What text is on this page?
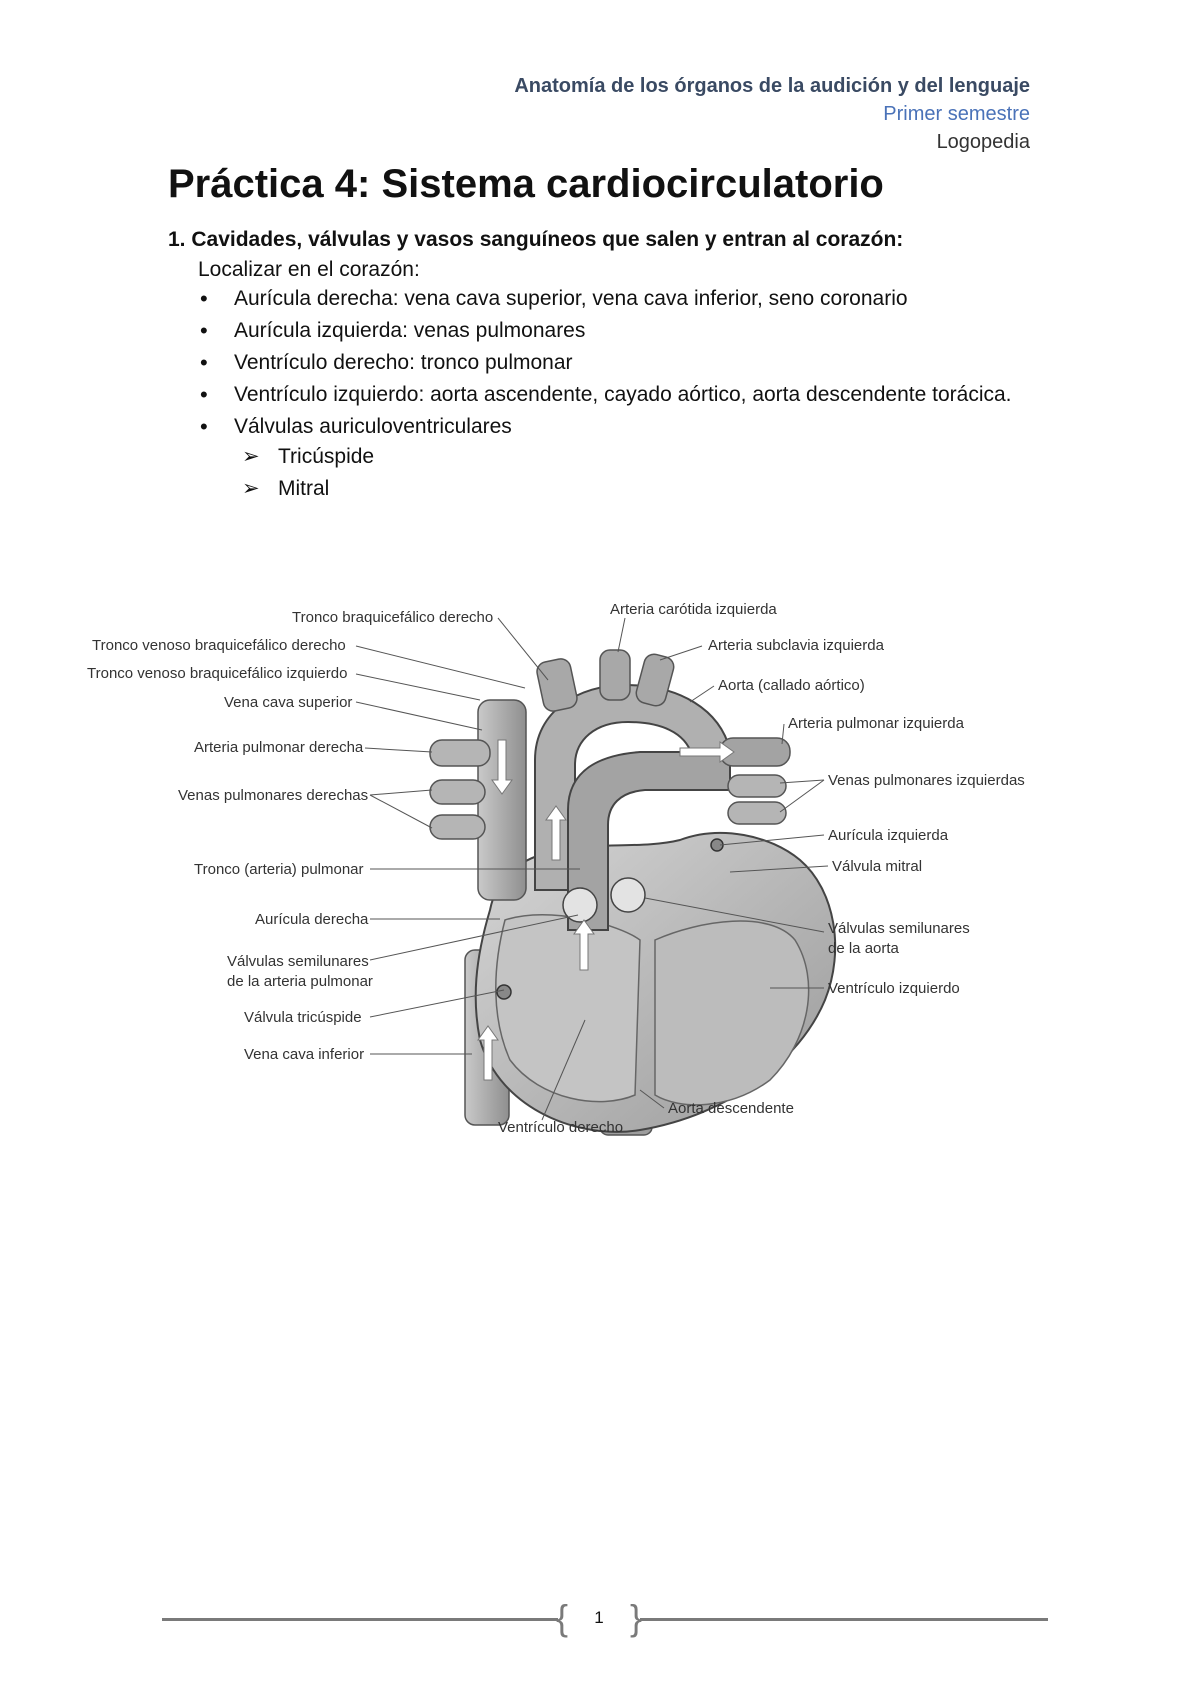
Anatomía de los órganos de la audición y del lenguaje
Primer semestre
Logopedia
Práctica 4: Sistema cardiocirculatorio

1. Cavidades, válvulas y vasos sanguíneos que salen y entran al corazón:

Localizar en el corazón:

• Aurícula derecha: vena cava superior, vena cava inferior, seno coronario
• Aurícula izquierda: venas pulmonares
• Ventrículo derecho: tronco pulmonar
• Ventrículo izquierdo: aorta ascendente, cayado aórtico, aorta descendente torácica.
• Válvulas auriculoventriculares
➢ Tricúspide
➢ Mitral
Tronco braquicefálico derecho
Tronco venoso braquicefálico derecho
Tronco venoso braquicefálico izquierdo
Vena cava superior
Arteria pulmonar derecha
Venas pulmonares derechas
Tronco (arteria) pulmonar
Aurícula derecha
Válvulas semilunares
de la arteria pulmonar
Válvula tricúspide
Vena cava inferior
Ventrículo derecho
Aorta descendente
Arteria carótida izquierda
Arteria subclavia izquierda
Aorta (callado aórtico)
Arteria pulmonar izquierda
Venas pulmonares izquierdas
Aurícula izquierda
Válvula mitral
Válvulas semilunares
de la aorta
Ventrículo izquierdo
{	1 }
